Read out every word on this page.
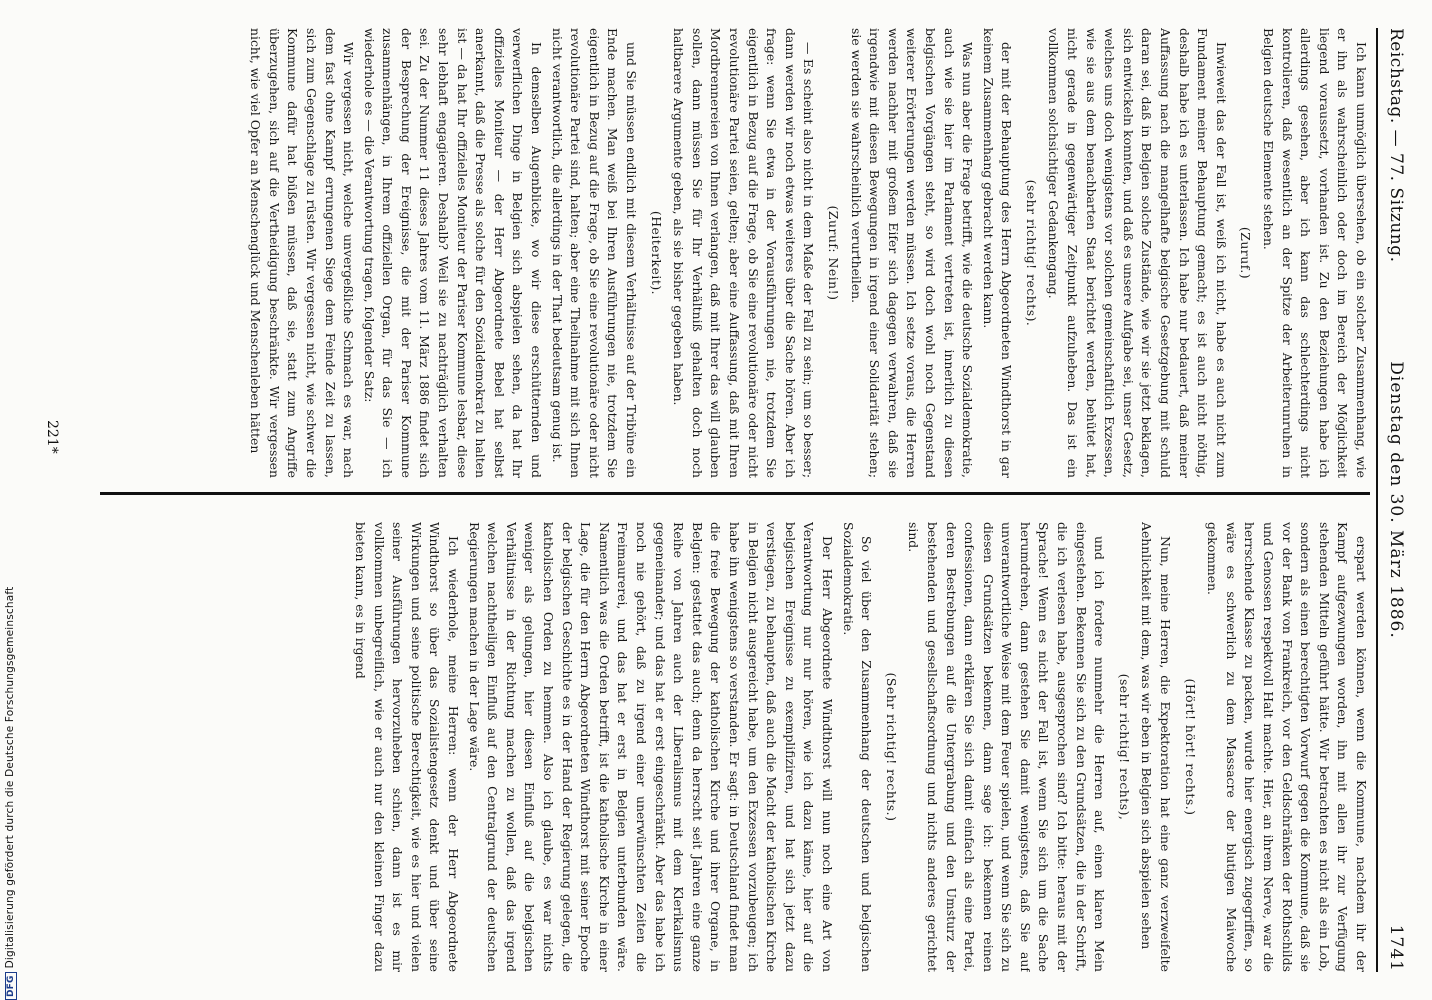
Reichstag. — 77. Sitzung.
Dienstag den 30. März 1886.
1741

Ich kann unmöglich übersehen, ob ein solcher Zusammenhang, wie er ihn als wahrscheinlich oder doch im Bereich der Möglichkeit liegend voraussetzt, vorhanden ist. Zu den Beziehungen habe ich allerdings gesehen, aber ich kann das schlechterdings nicht kontrolieren, daß wesentlich an der Spitze der Arbeiterunruhen in Belgien deutsche Elemente stehen.

(Zuruf.)

Inwieweit das der Fall ist, weiß ich nicht, habe es auch nicht zum Fundament meiner Behauptung gemacht; es ist auch nicht nöthig, deshalb habe ich es unterlassen. Ich habe nur bedauert, daß meiner Auffassung nach die mangelhafte belgische Gesetzgebung mit schuld daran sei, daß in Belgien solche Zustände, wie wir sie jetzt beklagen, sich entwickeln konnten, und daß es unsere Aufgabe sei, unser Gesetz, welches uns doch wenigstens vor solchen gemeinschaftlich Exzessen, wie sie aus dem benachbarten Staat berichtet werden, behütet hat, nicht gerade in gegenwärtiger Zeitpunkt aufzuheben. Das ist ein vollkommen solchsichtiger Gedankengang.

(sehr richtig! rechts).

der mit der Behauptung des Herrn Abgeordneten Windthorst in gar keinem Zusammenhang gebracht werden kann.

Was nun aber die Frage betrifft, wie die deutsche Sozialdemokratie, auch wie sie hier im Parlament vertreten ist, innerlich zu diesen belgischen Vorgängen steht, so wird doch wohl noch Gegenstand weiterer Erörterungen werden müssen. Ich setze voraus, die Herren werden nachher mit großem Eifer sich dagegen verwahren, daß sie irgendwie mit diesen Bewegungen in irgend einer Solidarität stehen; sie werden sie wahrscheinlich verurtheilen.

(Zuruf: Nein!)

— Es scheint also nicht in dem Maße der Fall zu sein; um so besser; dann werden wir noch etwas weiteres über die Sache hören. Aber ich frage: wenn Sie etwa in der Vorausführungen nie, trotzdem Sie eigentlich in Bezug auf die Frage, ob Sie eine revolutionäre oder nicht revolutionäre Partei seien, gelten; aber eine Auffassung, daß mit Ihren Mordbrennereien von Ihnen verlangen, daß mit Ihrer das will glauben sollen, dann müssen Sie für Ihr Verhältniß gehalten doch noch haltbarere Argumente geben, als sie bisher gegeben haben.

(Heiterkeit).

und Sie müssen endlich mit diesem Verhältnisse auf der Tribüne ein Ende machen. Man weiß bei Ihren Ausführungen nie, trotzdem Sie eigentlich in Bezug auf die Frage, ob Sie eine revolutionäre oder nicht revolutionäre Partei sind, halten; aber eine Theilnahme mit sich Ihnen nicht verantwortlich, die allerdings in der That bedeutsam genug ist.

In demselben Augenblicke, wo wir diese erschütternden und verwerflichen Dinge in Belgien sich abspielen sehen, da hat Ihr offizielles Moniteur — der Herr Abgeordnete Bebel hat selbst anerkannt, daß die Presse als solche für den Sozialdemokrat zu halten ist — da hat Ihr offizielles Moniteur der Pariser Kommune lesbar, diese sehr lebhaft engagieren. Deshalb? Weil sie zu nachträglich verhalten sei. Zu der Nummer 11 dieses Jahres vom 11. März 1886 findet sich der Besprechung der Ereignisse, die mit der Pariser Kommune zusammenhängen, in Ihrem offiziellen Organ, für das Sie — ich wiederhole es — die Verantwortung tragen, folgender Satz:

Wir vergessen nicht, welche unvergeßliche Schmach es war, nach dem fast ohne Kampf errungenen Siege dem Feinde Zeit zu lassen, sich zum Gegenschlage zu rüsten. Wir vergessen nicht, wie schwer die Kommune dafür hat büßen müssen, daß sie, statt zum Angriffe überzugehen, sich auf die Vertheidigung beschränkte. Wir vergessen nicht, wie viel Opfer an Menschenglück und Menschenleben hätten

erspart werden können, wenn die Kommune, nachdem ihr der Kampf aufgezwungen worden, ihn mit allen ihr zur Verfügung stehenden Mitteln geführt hätte. Wir betrachten es nicht als ein Lob, sondern als einen berechtigten Vorwurf gegen die Kommune, daß sie vor der Bank von Frankreich, vor den Geldschränken der Rothschilds und Genossen respektvoll Halt machte. Hier, an ihrem Nerve, war die herrschende Klasse zu packen, wurde hier energisch zugegriffen, so wäre es schwerlich zu dem Massacre der blutigen Maiwoche gekommen.

(Hört! hört! rechts.)

Nun, meine Herren, die Expektoration hat eine ganz verzweifelte Aehnlichkeit mit dem, was wir eben in Belgien sich abspielen sehen

(sehr richtig! rechts),

und ich fordere nunmehr die Herren auf, einen klaren Mein eingestehen. Bekennen Sie sich zu den Grundsätzen, die in der Schrift, die ich verlesen habe, ausgesprochen sind? Ich bitte: heraus mit der Sprache! Wenn es nicht der Fall ist, wenn Sie sich um die Sache herumdrehen, dann gestehen Sie damit wenigstens, daß Sie auf unverantwortliche Weise mit dem Feuer spielen, und wenn Sie sich zu diesen Grundsätzen bekennen, dann sage ich: bekennen reinen confessionen, dann erklären Sie sich damit einfach als eine Partei, deren Bestrebungen auf die Untergrabung und den Umsturz der bestehenden und gesellschaftsordnung und nichts anderes gerichtet sind.

(Sehr richtig! rechts.)

So viel über den Zusammenhang der deutschen und belgischen Sozialdemokratie.

Der Herr Abgeordnete Windthorst will nun noch eine Art von Verantwortung nur nur hören, wie ich dazu käme, hier auf die belgischen Ereignisse zu exemplifiziren, und hat sich jetzt dazu verstiegen, zu behaupten, daß auch die Macht der katholischen Kirche in Belgien nicht ausgereicht habe, um den Exzessen vorzubeugen; ich habe ihn wenigstens so verstanden. Er sagt: in Deutschland findet man die freie Bewegung der katholischen Kirche und ihrer Organe, in Belgien: gestattet das auch; denn da herrscht seit Jahren eine ganze Reihe von Jahren auch der Liberalismus mit dem Klerikalismus gegeneinander; und das hat er erst eingeschränkt. Aber das habe ich noch nie gehört, daß zu irgend einer unerwünschten Zeiten die Freimaurerei, und das hat er erst in Belgien unterbunden wäre. Namentlich was die Orden betrifft, ist die katholische Kirche in einer Lage, die für den Herrn Abgeordneten Windthorst mit seiner Epoche der belgischen Geschichte es in der Hand der Regierung gelegen, die katholischen Orden zu hemmen. Also ich glaube, es war nichts weniger als gelungen, hier diesen Einfluß auf die belgischen Verhältnisse in der Richtung machen zu wollen, daß das irgend welchen nachtheiligen Einfluß auf den Centralgrund der deutschen Regierungen machen in der Lage wäre.

Ich wiederhole, meine Herren: wenn der Herr Abgeordnete Windthorst so über das Sozialistengesetz denkt und über seine Wirkungen und seine politische Berechtigkeit, wie es hier und vielen seiner Ausführungen hervorzuheben schien, dann ist es mir vollkommen unbegreiflich, wie er auch nur den kleinen Finger dazu bieten kann, es in irgend

221*
DFGDigitalisierung gefördert durch die Deutsche Forschungsgemeinschaft
